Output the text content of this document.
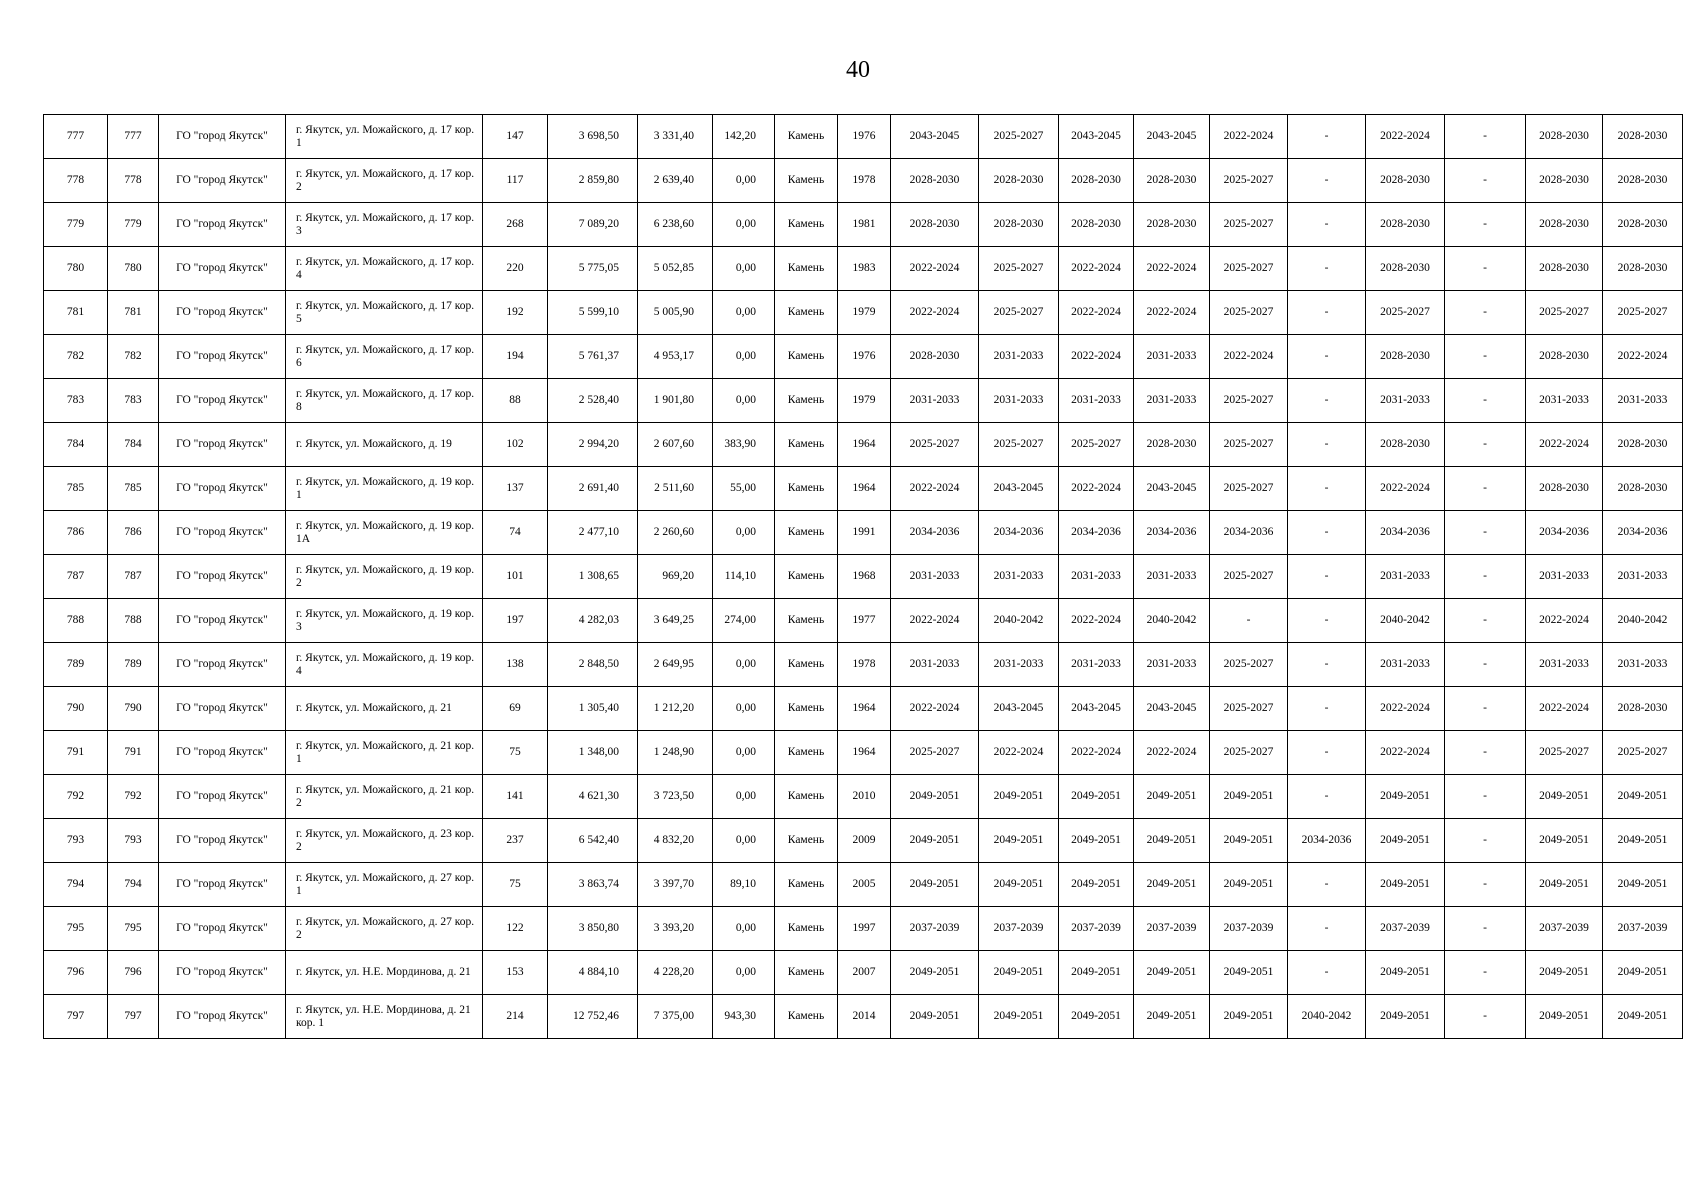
40
777	777	ГО "город Якутск"	г. Якутск, ул. Можайского, д. 17 кор. 1	147	3 698,50	3 331,40	142,20	Камень	1976	2043-2045	2025-2027	2043-2045	2043-2045	2022-2024	-	2022-2024	-	2028-2030	2028-2030
778	778	ГО "город Якутск"	г. Якутск, ул. Можайского, д. 17 кор. 2	117	2 859,80	2 639,40	0,00	Камень	1978	2028-2030	2028-2030	2028-2030	2028-2030	2025-2027	-	2028-2030	-	2028-2030	2028-2030
779	779	ГО "город Якутск"	г. Якутск, ул. Можайского, д. 17 кор. 3	268	7 089,20	6 238,60	0,00	Камень	1981	2028-2030	2028-2030	2028-2030	2028-2030	2025-2027	-	2028-2030	-	2028-2030	2028-2030
780	780	ГО "город Якутск"	г. Якутск, ул. Можайского, д. 17 кор. 4	220	5 775,05	5 052,85	0,00	Камень	1983	2022-2024	2025-2027	2022-2024	2022-2024	2025-2027	-	2028-2030	-	2028-2030	2028-2030
781	781	ГО "город Якутск"	г. Якутск, ул. Можайского, д. 17 кор. 5	192	5 599,10	5 005,90	0,00	Камень	1979	2022-2024	2025-2027	2022-2024	2022-2024	2025-2027	-	2025-2027	-	2025-2027	2025-2027
782	782	ГО "город Якутск"	г. Якутск, ул. Можайского, д. 17 кор. 6	194	5 761,37	4 953,17	0,00	Камень	1976	2028-2030	2031-2033	2022-2024	2031-2033	2022-2024	-	2028-2030	-	2028-2030	2022-2024
783	783	ГО "город Якутск"	г. Якутск, ул. Можайского, д. 17 кор. 8	88	2 528,40	1 901,80	0,00	Камень	1979	2031-2033	2031-2033	2031-2033	2031-2033	2025-2027	-	2031-2033	-	2031-2033	2031-2033
784	784	ГО "город Якутск"	г. Якутск, ул. Можайского, д. 19	102	2 994,20	2 607,60	383,90	Камень	1964	2025-2027	2025-2027	2025-2027	2028-2030	2025-2027	-	2028-2030	-	2022-2024	2028-2030
785	785	ГО "город Якутск"	г. Якутск, ул. Можайского, д. 19 кор. 1	137	2 691,40	2 511,60	55,00	Камень	1964	2022-2024	2043-2045	2022-2024	2043-2045	2025-2027	-	2022-2024	-	2028-2030	2028-2030
786	786	ГО "город Якутск"	г. Якутск, ул. Можайского, д. 19 кор. 1А	74	2 477,10	2 260,60	0,00	Камень	1991	2034-2036	2034-2036	2034-2036	2034-2036	2034-2036	-	2034-2036	-	2034-2036	2034-2036
787	787	ГО "город Якутск"	г. Якутск, ул. Можайского, д. 19 кор. 2	101	1 308,65	969,20	114,10	Камень	1968	2031-2033	2031-2033	2031-2033	2031-2033	2025-2027	-	2031-2033	-	2031-2033	2031-2033
788	788	ГО "город Якутск"	г. Якутск, ул. Можайского, д. 19 кор. 3	197	4 282,03	3 649,25	274,00	Камень	1977	2022-2024	2040-2042	2022-2024	2040-2042	-	-	2040-2042	-	2022-2024	2040-2042
789	789	ГО "город Якутск"	г. Якутск, ул. Можайского, д. 19 кор. 4	138	2 848,50	2 649,95	0,00	Камень	1978	2031-2033	2031-2033	2031-2033	2031-2033	2025-2027	-	2031-2033	-	2031-2033	2031-2033
790	790	ГО "город Якутск"	г. Якутск, ул. Можайского, д. 21	69	1 305,40	1 212,20	0,00	Камень	1964	2022-2024	2043-2045	2043-2045	2043-2045	2025-2027	-	2022-2024	-	2022-2024	2028-2030
791	791	ГО "город Якутск"	г. Якутск, ул. Можайского, д. 21 кор. 1	75	1 348,00	1 248,90	0,00	Камень	1964	2025-2027	2022-2024	2022-2024	2022-2024	2025-2027	-	2022-2024	-	2025-2027	2025-2027
792	792	ГО "город Якутск"	г. Якутск, ул. Можайского, д. 21 кор. 2	141	4 621,30	3 723,50	0,00	Камень	2010	2049-2051	2049-2051	2049-2051	2049-2051	2049-2051	-	2049-2051	-	2049-2051	2049-2051
793	793	ГО "город Якутск"	г. Якутск, ул. Можайского, д. 23 кор. 2	237	6 542,40	4 832,20	0,00	Камень	2009	2049-2051	2049-2051	2049-2051	2049-2051	2049-2051	2034-2036	2049-2051	-	2049-2051	2049-2051
794	794	ГО "город Якутск"	г. Якутск, ул. Можайского, д. 27 кор. 1	75	3 863,74	3 397,70	89,10	Камень	2005	2049-2051	2049-2051	2049-2051	2049-2051	2049-2051	-	2049-2051	-	2049-2051	2049-2051
795	795	ГО "город Якутск"	г. Якутск, ул. Можайского, д. 27 кор. 2	122	3 850,80	3 393,20	0,00	Камень	1997	2037-2039	2037-2039	2037-2039	2037-2039	2037-2039	-	2037-2039	-	2037-2039	2037-2039
796	796	ГО "город Якутск"	г. Якутск, ул. Н.Е. Мординова, д. 21	153	4 884,10	4 228,20	0,00	Камень	2007	2049-2051	2049-2051	2049-2051	2049-2051	2049-2051	-	2049-2051	-	2049-2051	2049-2051
797	797	ГО "город Якутск"	г. Якутск, ул. Н.Е. Мординова, д. 21 кор. 1	214	12 752,46	7 375,00	943,30	Камень	2014	2049-2051	2049-2051	2049-2051	2049-2051	2049-2051	2040-2042	2049-2051	-	2049-2051	2049-2051
